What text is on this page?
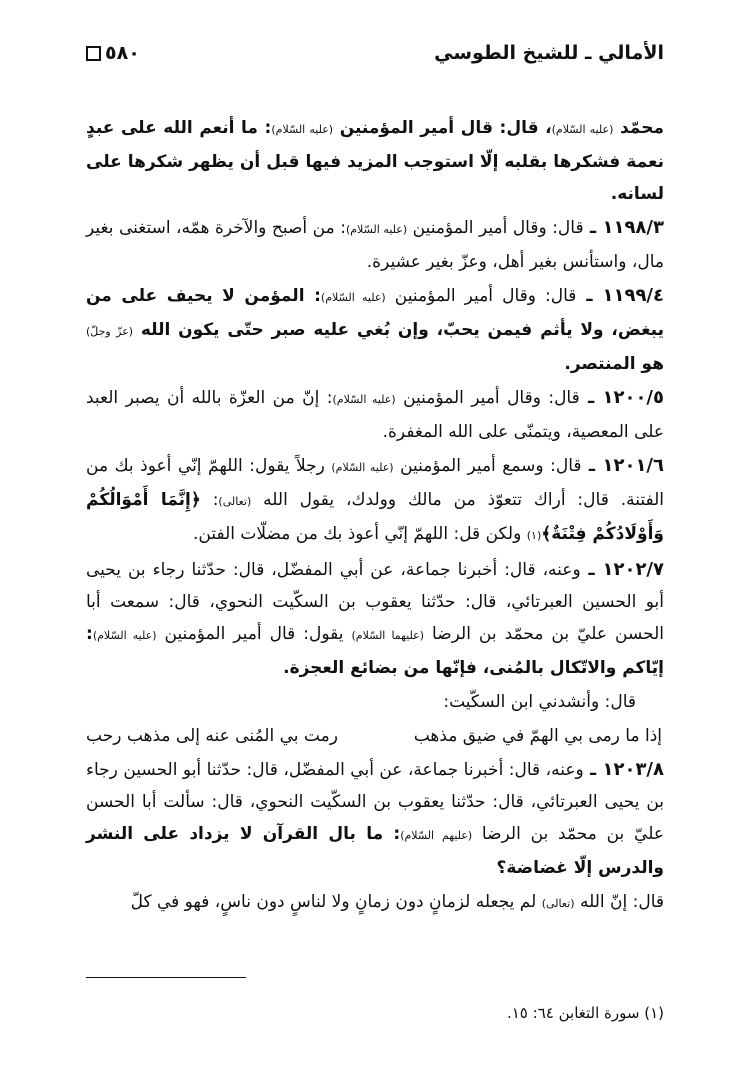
الأمالي ـ للشيخ الطوسي
٥٨٠

محمّد (عليه السّلام)، قال: قال أمير المؤمنين (عليه السّلام): ما أنعم الله على عبدٍ نعمة فشكرها بقلبه إلّا استوجب المزيد فيها قبل أن يظهر شكرها على لسانه.

١١٩٨/٣ ـ قال: وقال أمير المؤمنين (عليه السّلام): من أصبح والآخرة همّه، استغنى بغير مال، واستأنس بغير أهل، وعزّ بغير عشيرة.

١١٩٩/٤ ـ قال: وقال أمير المؤمنين (عليه السّلام): المؤمن لا يحيف على من يبغض، ولا يأثم فيمن يحبّ، وإن بُغي عليه صبر حتّى يكون الله (عزّ وجلّ) هو المنتصر.

١٢٠٠/٥ ـ قال: وقال أمير المؤمنين (عليه السّلام): إنّ من العزّة بالله أن يصبر العبد على المعصية، ويتمنّى على الله المغفرة.

١٢٠١/٦ ـ قال: وسمع أمير المؤمنين (عليه السّلام) رجلاً يقول: اللهمّ إنّي أعوذ بك من الفتنة. قال: أراك تتعوّذ من مالك وولدك، يقول الله (تعالى): ﴿إِنَّمَا أَمْوَالُكُمْ وَأَوْلَادُكُمْ فِتْنَةٌ﴾(١) ولكن قل: اللهمّ إنّي أعوذ بك من مضلّات الفتن.

١٢٠٢/٧ ـ وعنه، قال: أخبرنا جماعة، عن أبي المفضّل، قال: حدّثنا رجاء بن يحيى أبو الحسين العبرتائي، قال: حدّثنا يعقوب بن السكّيت النحوي، قال: سمعت أبا الحسن عليّ بن محمّد بن الرضا (عليهما السّلام) يقول: قال أمير المؤمنين (عليه السّلام): إيّاكم والاتّكال بالمُنى، فإنّها من بضائع العجزة.

قال: وأنشدني ابن السكّيت:

إذا ما رمى بي الهمّ في ضيق مذهب
رمت بي المُنى عنه إلى مذهب رحب

١٢٠٣/٨ ـ وعنه، قال: أخبرنا جماعة، عن أبي المفضّل، قال: حدّثنا أبو الحسين رجاء بن يحيى العبرتائي، قال: حدّثنا يعقوب بن السكّيت النحوي، قال: سألت أبا الحسن عليّ بن محمّد بن الرضا (عليهم السّلام): ما بال القرآن لا يزداد على النشر والدرس إلّا غضاضة؟

قال: إنّ الله (تعالى) لم يجعله لزمانٍ دون زمانٍ ولا لناسٍ دون ناسٍ، فهو في كلّ

(١) سورة التغابن ٦٤: ١٥.
